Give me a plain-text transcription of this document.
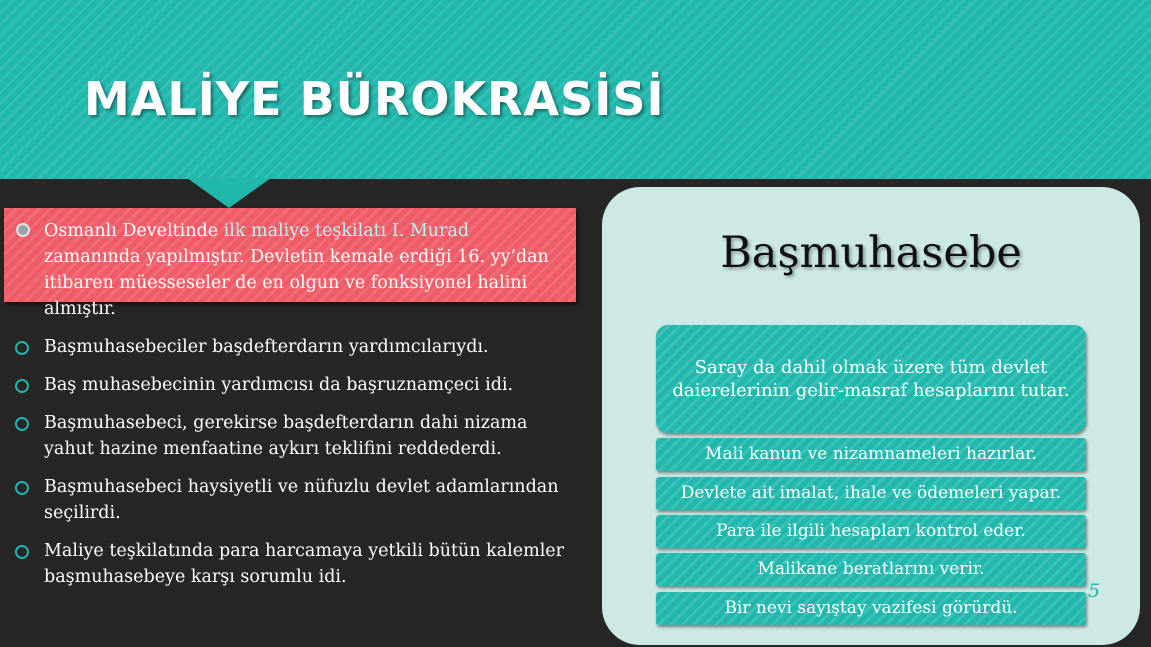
MALİYE BÜROKRASİSİ
Osmanlı Develtinde ilk maliye teşkilatı I. Murad zamanında yapılmıştır. Devletin kemale erdiği 16. yy’dan itibaren müesseseler de en olgun ve fonksiyonel halini almıştır.
Başmuhasebeciler başdefterdarın yardımcılarıydı.
Baş muhasebecinin yardımcısı da başruznamçeci idi.
Başmuhasebeci, gerekirse başdefterdarın dahi nizama yahut hazine menfaatine aykırı teklifini reddederdi.
Başmuhasebeci haysiyetli ve nüfuzlu devlet adamlarından seçilirdi.
Maliye teşkilatında para harcamaya yetkili bütün kalemler başmuhasebeye karşı sorumlu idi.
Başmuhasebe
Saray da dahil olmak üzere tüm devlet daierelerinin gelir-masraf hesaplarını tutar.
Mali kanun ve nizamnameleri hazırlar.
Devlete ait imalat, ihale ve ödemeleri yapar.
Para ile ilgili hesapları kontrol eder.
Malikane beratlarını verir.
Bir nevi sayıştay vazifesi görürdü.
5
